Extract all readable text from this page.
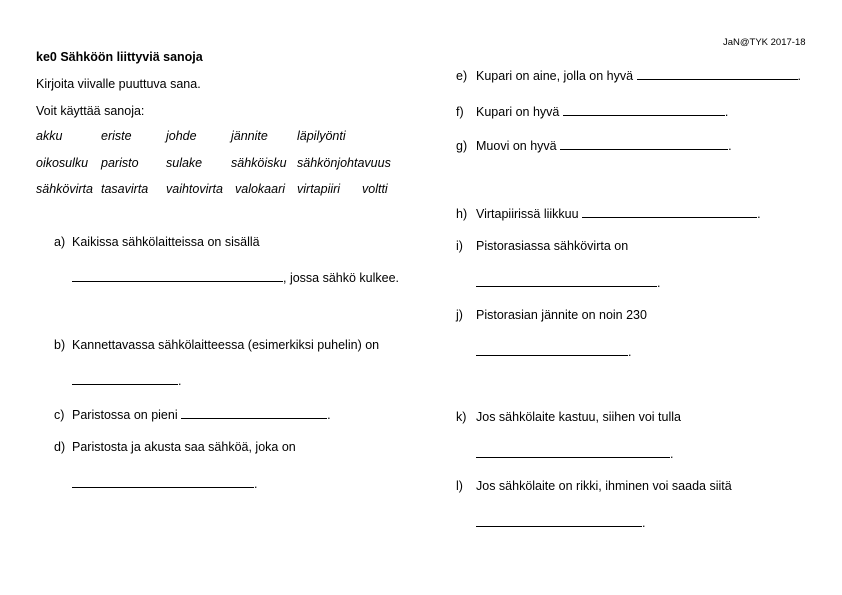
JaN@TYK 2017-18
ke0 Sähköön liittyviä sanoja
Kirjoita viivalle puuttuva sana.
Voit käyttää sanoja:
akku	eriste	johde	jännite läpilyönti
oikosulku paristo sulake sähköisku sähkönjohtavuus
sähkövirta tasavirta vaihtovirta valokaari virtapiiri voltti
a) Kaikissa sähkölaitteissa on sisällä
, jossa sähkö kulkee.
b) Kannettavassa sähkölaitteessa (esimerkiksi puhelin) on
.
c) Paristossa on pieni	.
d) Paristosta ja akusta saa sähköä, joka on
.
e) Kupari on aine, jolla on hyvä	.
f) Kupari on hyvä	.
g) Muovi on hyvä	.
h) Virtapiirissä liikkuu	.
i) Pistorasiassa sähkövirta on
.
j) Pistorasian jännite on noin 230
.
k) Jos sähkölaite kastuu, siihen voi tulla
.
l) Jos sähkölaite on rikki, ihminen voi saada siitä
.
